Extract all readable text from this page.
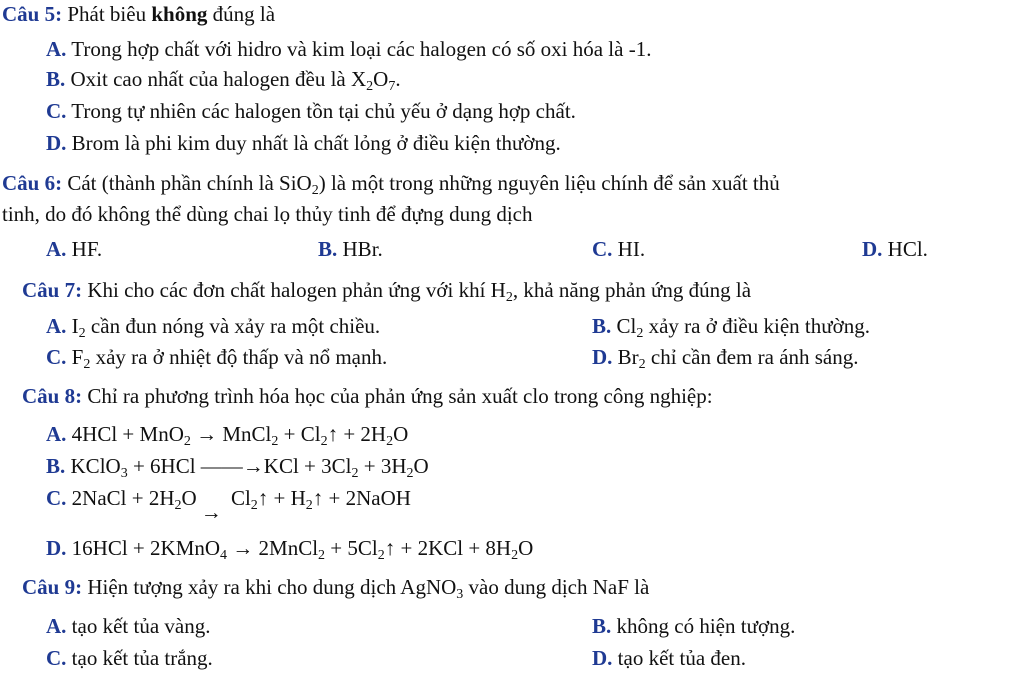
Câu 5: Phát biêu không đúng là
A. Trong hợp chất với hidro và kim loại các halogen có số oxi hóa là -1.
B. Oxit cao nhất của halogen đều là $X_2O_7$.
C. Trong tự nhiên các halogen tồn tại chủ yếu ở dạng hợp chất.
D. Brom là phi kim duy nhất là chất lỏng ở điều kiện thường.
Câu 6: Cát (thành phần chính là SiO$_2$) là một trong những nguyên liệu chính để sản xuất thủ
tinh, do đó không thể dùng chai lọ thủy tinh để đựng dung dịch
A. HF.	B. HBr.	C. HI.	D. HCl.
Câu 7: Khi cho các đơn chất halogen phản ứng với khí $H_2$, khả năng phản ứng đúng là
A. $I_2$ cần đun nóng và xảy ra một chiều.	B. $Cl_2$ xảy ra ở điều kiện thường.
C. $F_2$ xảy ra ở nhiệt độ thấp và nổ mạnh.	D. $Br_2$ chỉ cần đem ra ánh sáng.
Câu 8: Chỉ ra phương trình hóa học của phản ứng sản xuất clo trong công nghiệp:
A. 4HCl + MnO$_2$ → MnCl$_2$ + $Cl_2↑ + 2H_2O$
B. KClO$_3$ + 6HCl ——→KCl + $3Cl_2 + 3H_2O$
C. 2NaCl + $2H_2O\to$ $Cl_2↑$ + $H_2↑$ + 2NaOH
D. 16HCl + 2KMnO$_4$ → 2MnCl$_2$ + $5Cl_2↑ + 2KCl + 8H_2O$
Câu 9: Hiện tượng xảy ra khi cho dung dịch AgNO$_3$ vào dung dịch NaF là
A. tạo kết tủa vàng.	B. không có hiện tượng.
C. tạo kết tủa trắng.	D. tạo kết tủa đen.
